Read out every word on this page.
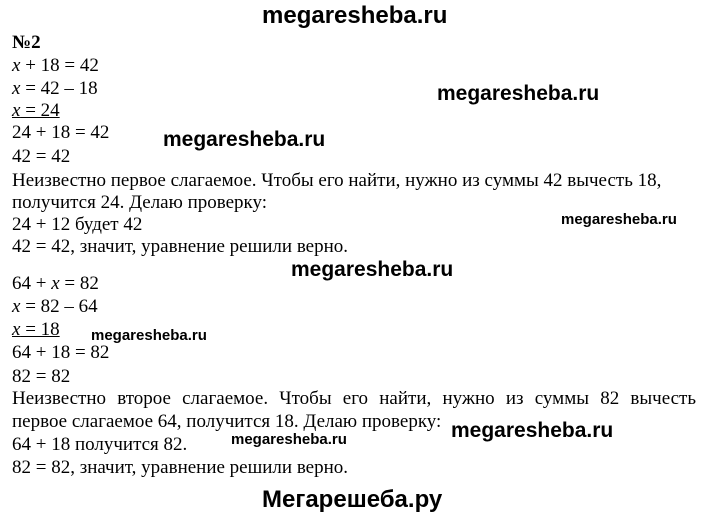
megaresheba.ru
megaresheba.ru
megaresheba.ru
megaresheba.ru
megaresheba.ru
megaresheba.ru
megaresheba.ru
megaresheba.ru
Мегарешеба.ру
№2
x + 18 = 42
x = 42 – 18
x = 24
24 + 18 = 42
42 = 42
Неизвестно первое слагаемое. Чтобы его найти, нужно из суммы 42 вычесть 18,
получится 24. Делаю проверку:
24 + 12 будет 42
42 = 42, значит, уравнение решили верно.
64 + x = 82
x = 82 – 64
x = 18
64 + 18 = 82
82 = 82
Неизвестно второе слагаемое. Чтобы его найти, нужно из суммы 82 вычесть
первое слагаемое 64, получится 18. Делаю проверку:
64 + 18 получится 82.
82 = 82, значит, уравнение решили верно.
